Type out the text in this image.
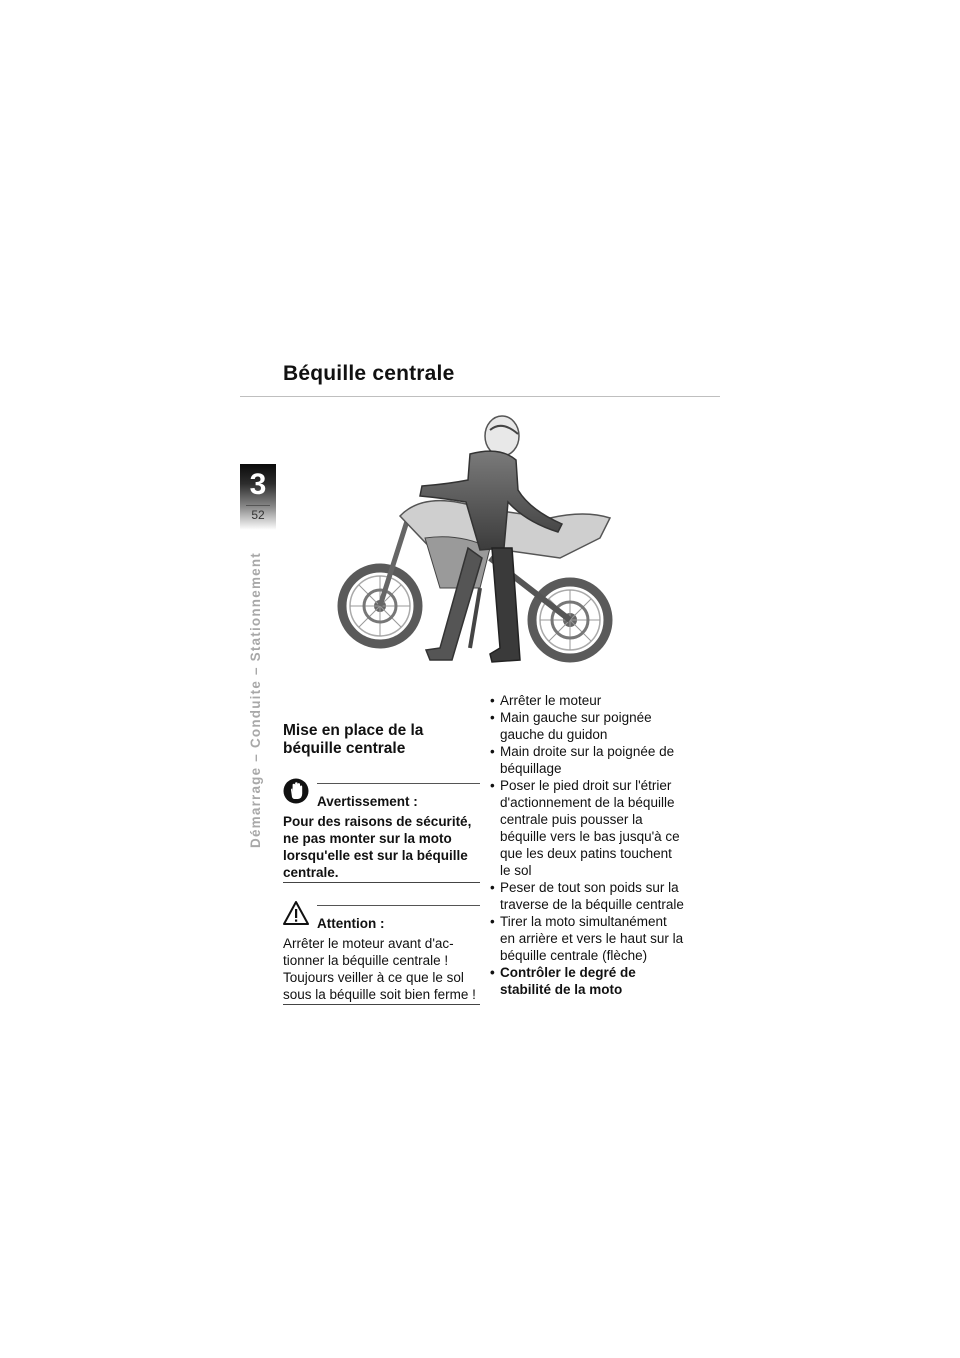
Béquille centrale
3
52
Démarrage – Conduite – Stationnement	Mise en place de la béquille centrale
Avertissement :
Pour des raisons de sécurité,
ne pas monter sur la moto
lorsqu'elle est sur la béquille
centrale.
Attention :
Arrêter le moteur avant d'ac-
tionner la béquille centrale !
Toujours veiller à ce que le sol
sous la béquille soit bien ferme !
• Arrêter le moteur
• Main gauche sur poignée
gauche du guidon
• Main droite sur la poignée de
béquillage
• Poser le pied droit sur l'étrier
d'actionnement de la béquille
centrale puis pousser la
béquille vers le bas jusqu'à ce
que les deux patins touchent
le sol
• Peser de tout son poids sur la
traverse de la béquille centrale
• Tirer la moto simultanément
en arrière et vers le haut sur la
béquille centrale (flèche)
• Contrôler le degré de
stabilité de la moto
